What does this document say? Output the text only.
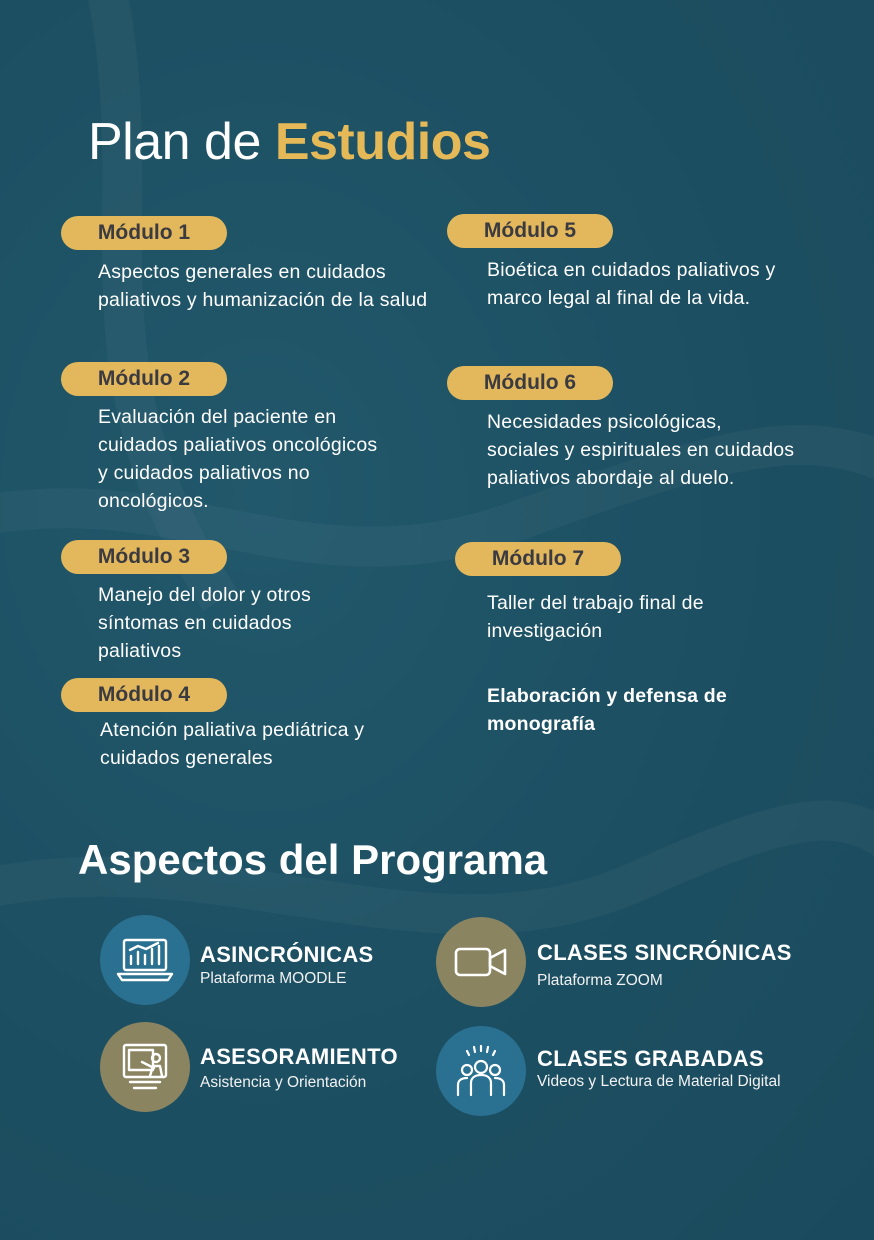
Plan de Estudios
Módulo 1
Aspectos generales en cuidados paliativos y humanización de la salud
Módulo 2
Evaluación del paciente en cuidados paliativos oncológicos y cuidados paliativos no oncológicos.
Módulo 3
Manejo del dolor y otros síntomas en cuidados paliativos
Módulo 4
Atención paliativa pediátrica y cuidados generales
Módulo 5
Bioética en cuidados paliativos y marco legal al final de la vida.
Módulo 6
Necesidades psicológicas, sociales y espirituales en cuidados paliativos abordaje al duelo.
Módulo 7
Taller del trabajo final de investigación
Elaboración y defensa de monografía
Aspectos del Programa
ASINCRÓNICAS
Plataforma MOODLE
CLASES SINCRÓNICAS
Plataforma ZOOM
ASESORAMIENTO
Asistencia y Orientación
CLASES GRABADAS
Videos y Lectura de Material Digital
